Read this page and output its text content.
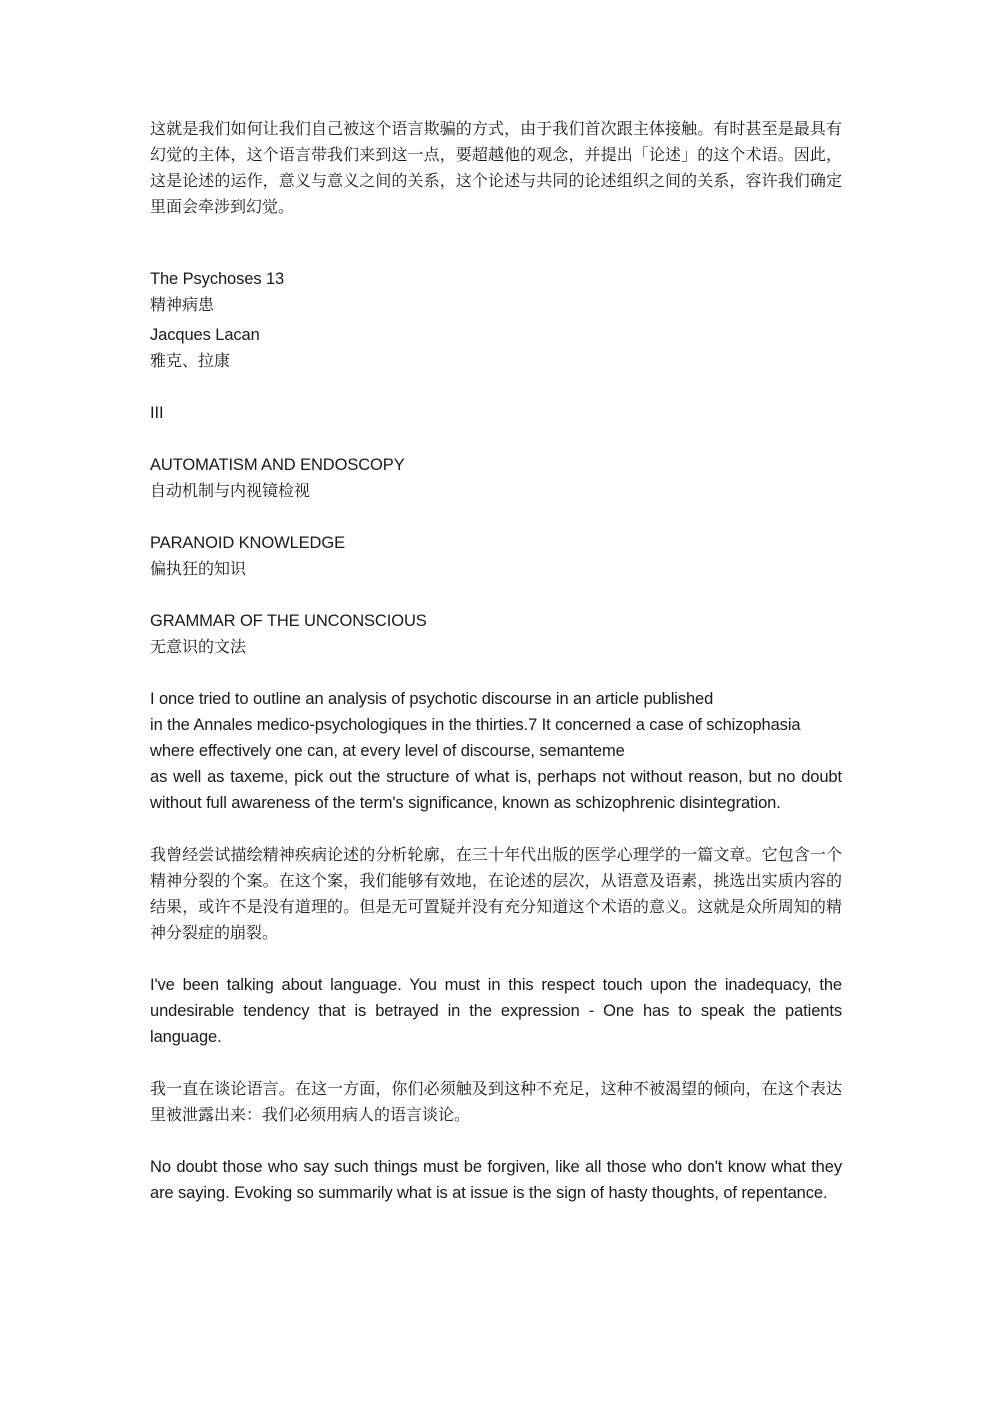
这就是我们如何让我们自己被这个语言欺骗的方式，由于我们首次跟主体接触。有时甚至是最具有幻觉的主体，这个语言带我们来到这一点，要超越他的观念，并提出「论述」的这个术语。因此，这是论述的运作，意义与意义之间的关系，这个论述与共同的论述组织之间的关系，容许我们确定里面会牵涉到幻觉。

The Psychoses 13

精神病患

Jacques Lacan

雅克、拉康

III

AUTOMATISM AND ENDOSCOPY

自动机制与内视镜检视

PARANOID KNOWLEDGE

偏执狂的知识

GRAMMAR OF THE UNCONSCIOUS

无意识的文法

I once tried to outline an analysis of psychotic discourse in an article published

in the Annales medico-psychologiques in the thirties.7 It concerned a case of schizophasia where effectively one can, at every level of discourse, semanteme

as well as taxeme, pick out the structure of what is, perhaps not without reason, but no doubt without full awareness of the term's significance, known as schizophrenic disintegration.

我曾经尝试描绘精神疾病论述的分析轮廓，在三十年代出版的医学心理学的一篇文章。它包含一个精神分裂的个案。在这个案，我们能够有效地，在论述的层次，从语意及语素，挑选出实质内容的结果，或许不是没有道理的。但是无可置疑并没有充分知道这个术语的意义。这就是众所周知的精神分裂症的崩裂。

I've been talking about language. You must in this respect touch upon the inadequacy, the undesirable tendency that is betrayed in the expression - One has to speak the patients language.

我一直在谈论语言。在这一方面，你们必须触及到这种不充足，这种不被渴望的倾向，在这个表达里被泄露出来：我们必须用病人的语言谈论。

No doubt those who say such things must be forgiven, like all those who don't know what they are saying. Evoking so summarily what is at issue is the sign of hasty thoughts, of repentance.
